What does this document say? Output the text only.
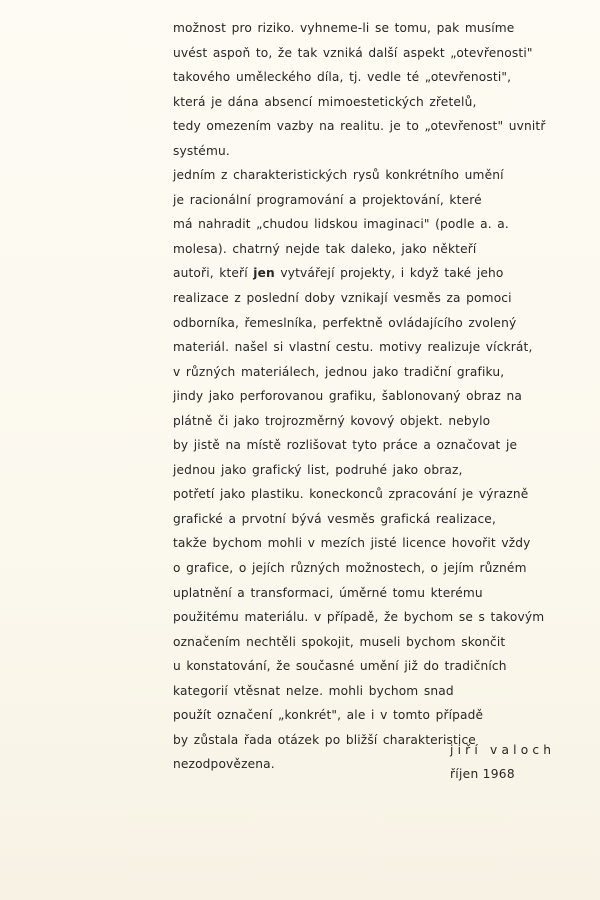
možnost pro riziko. vyhneme-li se tomu, pak musíme
uvést aspoň to, že tak vzniká další aspekt „otevřenosti"
takového uměleckého díla, tj. vedle té „otevřenosti",
která je dána absencí mimoestetických zřetelů,
tedy omezením vazby na realitu. je to „otevřenost" uvnitř
systému.
jedním z charakteristických rysů konkrétního umění
je racionální programování a projektování, které
má nahradit „chudou lidskou imaginaci" (podle a. a.
molesa). chatrný nejde tak daleko, jako někteří
autoři, kteří jen vytvářejí projekty, i když také jeho
realizace z poslední doby vznikají vesměs za pomoci
odborníka, řemeslníka, perfektně ovládajícího zvolený
materiál. našel si vlastní cestu. motivy realizuje víckrát,
v různých materiálech, jednou jako tradiční grafiku,
jindy jako perforovanou grafiku, šablonovaný obraz na
plátně či jako trojrozměrný kovový objekt. nebylo
by jistě na místě rozlišovat tyto práce a označovat je
jednou jako grafický list, podruhé jako obraz,
potřetí jako plastiku. koneckonců zpracování je výrazně
grafické a prvotní bývá vesměs grafická realizace,
takže bychom mohli v mezích jisté licence hovořit vždy
o grafice, o jejích různých možnostech, o jejím různém
uplatnění a transformaci, úměrné tomu kterému
použitému materiálu. v případě, že bychom se s takovým
označením nechtěli spokojit, museli bychom skončit
u konstatování, že současné umění již do tradičních
kategorií vtěsnat nelze. mohli bychom snad
použít označení „konkrét", ale i v tomto případě
by zůstala řada otázek po bližší charakteristice
nezodpovězena.
jiří valoch
říjen 1968
